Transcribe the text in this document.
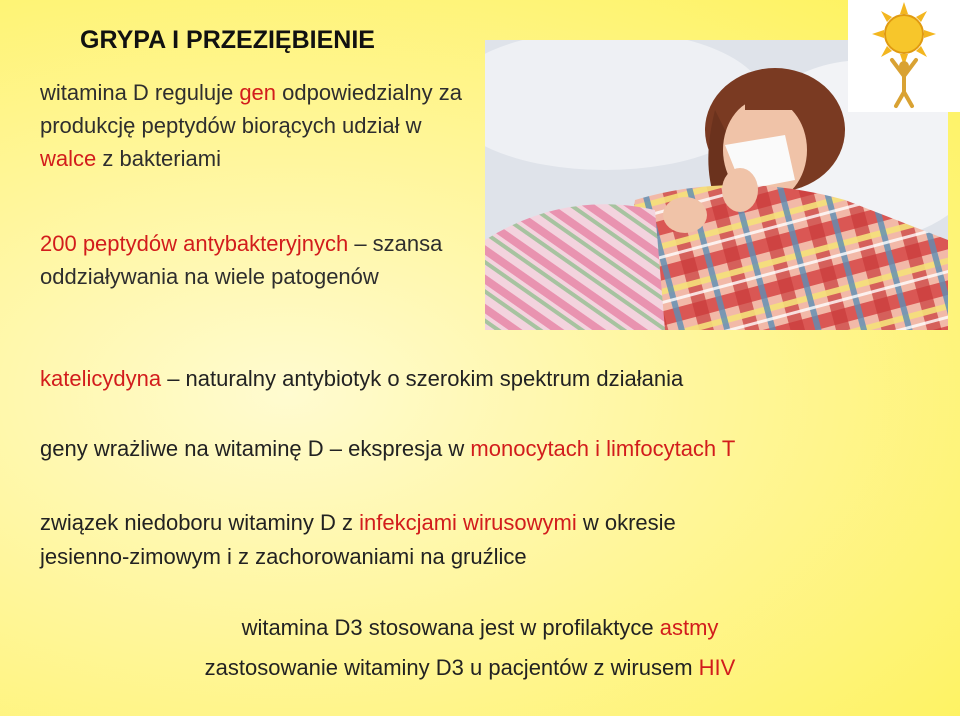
GRYPA I PRZEZIĘBIENIE
witamina D reguluje gen odpowiedzialny za produkcję peptydów biorących udział w walce z bakteriami
200 peptydów antybakteryjnych – szansa oddziaływania na wiele patogenów
katelicydyna – naturalny antybiotyk o szerokim spektrum działania
geny wrażliwe na witaminę D – ekspresja w monocytach i limfocytach T
związek niedoboru witaminy D z infekcjami wirusowymi w okresie
jesienno-zimowym i z zachorowaniami na gruźlice
witamina D3 stosowana jest w profilaktyce astmy
zastosowanie witaminy D3 u pacjentów z wirusem HIV
